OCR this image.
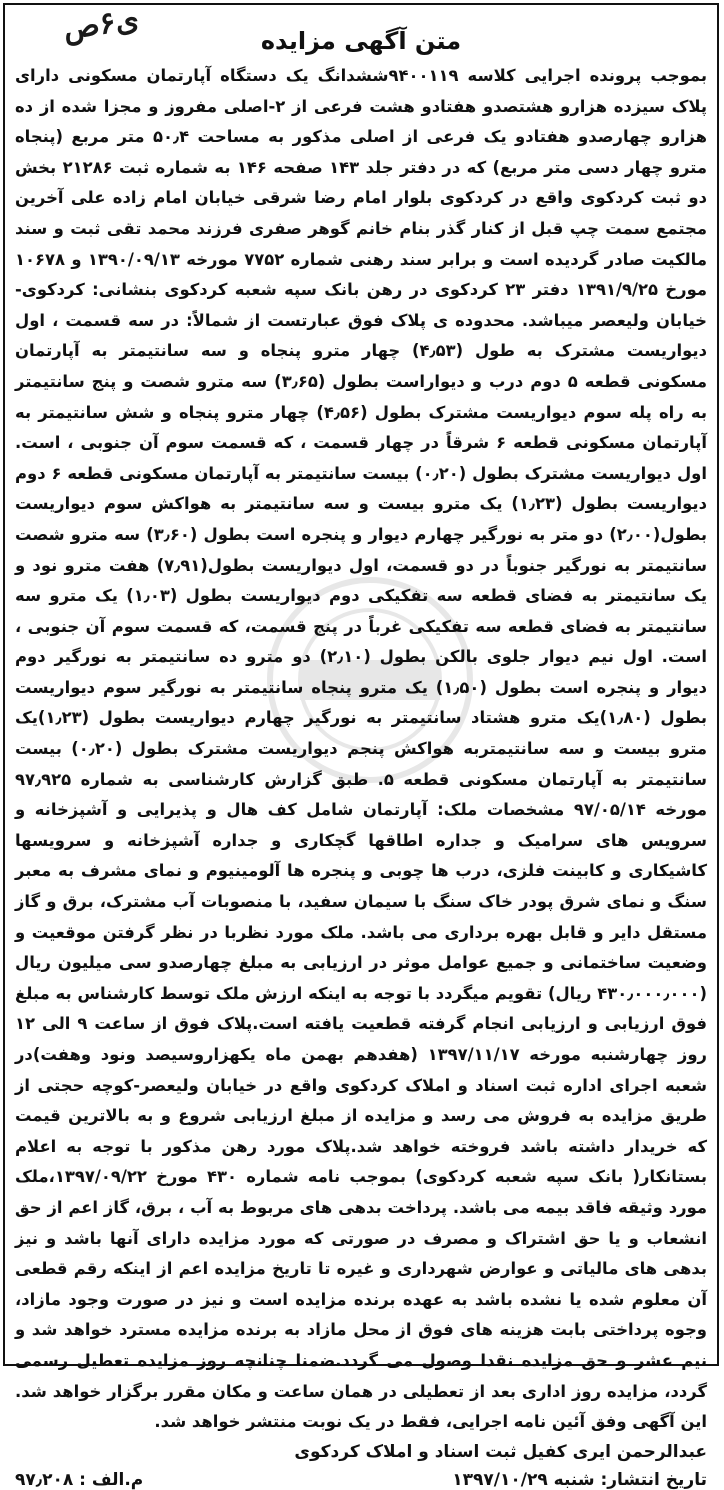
ی۶ص
متن آگهی مزایده
بموجب پرونده اجرایی کلاسه ۹۴۰۰۱۱۹ششدانگ یک دستگاه آپارتمان مسکونی دارای پلاک سیزده هزارو هشتصدو هفتادو هشت فرعی از ۲-اصلی مفروز و مجزا شده از ده هزارو چهارصدو هفتادو یک فرعی از اصلی مذکور به مساحت ۵۰٫۴ متر مربع (پنجاه مترو چهار دسی متر مربع) که در دفتر جلد ۱۴۳ صفحه ۱۴۶ به شماره ثبت ۲۱۲۸۶ بخش دو ثبت کردکوی واقع در کردکوی بلوار امام رضا شرقی خیابان امام زاده علی آخرین مجتمع سمت چپ قبل از کنار گذر بنام خانم گوهر صفری فرزند محمد تقی ثبت و سند مالکیت صادر گردیده است و برابر سند رهنی شماره ۷۷۵۲ مورخه ۱۳۹۰/۰۹/۱۳ و ۱۰۶۷۸ مورخ ۱۳۹۱/۹/۲۵ دفتر ۲۳ کردکوی در رهن بانک سپه شعبه کردکوی بنشانی: کردکوی-خیابان ولیعصر میباشد. محدوده ی پلاک فوق عبارتست از شمالاً: در سه قسمت ، اول دیواریست مشترک به طول (۴٫۵۳) چهار مترو پنجاه و سه سانتیمتر به آپارتمان مسکونی قطعه ۵ دوم درب و دیواراست بطول (۳٫۶۵) سه مترو شصت و پنج سانتیمتر به راه پله سوم دیواریست مشترک بطول (۴٫۵۶) چهار مترو پنجاه و شش سانتیمتر به آپارتمان مسکونی قطعه ۶ شرقاً در چهار قسمت ، که قسمت سوم آن جنوبی ، است. اول دیواریست مشترک بطول (۰٫۲۰) بیست سانتیمتر به آپارتمان مسکونی قطعه ۶ دوم دیواریست بطول (۱٫۲۳) یک مترو بیست و سه سانتیمتر به هواکش سوم دیواریست بطول(۲٫۰۰) دو متر به نورگیر چهارم دیوار و پنجره است بطول (۳٫۶۰) سه مترو شصت سانتیمتر به نورگیر جنوباً در دو قسمت، اول دیواریست بطول(۷٫۹۱) هفت مترو نود و یک سانتیمتر به فضای قطعه سه تفکیکی دوم دیواریست بطول (۱٫۰۳) یک مترو سه سانتیمتر به فضای قطعه سه تفکیکی غرباً در پنج قسمت، که قسمت سوم آن جنوبی ، است. اول نیم دیوار جلوی بالکن بطول (۲٫۱۰) دو مترو ده سانتیمتر به نورگیر دوم دیوار و پنجره است بطول (۱٫۵۰) یک مترو پنجاه سانتیمتر به نورگیر سوم دیواریست بطول (۱٫۸۰)یک مترو هشتاد سانتیمتر به نورگیر چهارم دیواریست بطول (۱٫۲۳)یک مترو بیست و سه سانتیمتربه هواکش پنجم دیواریست مشترک بطول (۰٫۲۰) بیست سانتیمتر به آپارتمان مسکونی قطعه ۵. طبق گزارش کارشناسی به شماره ۹۷٫۹۲۵ مورخه ۹۷/۰۵/۱۴ مشخصات ملک: آپارتمان شامل کف هال و پذیرایی و آشپزخانه و سرویس های سرامیک و جداره اطاقها گچکاری و جداره آشپزخانه و سرویسها کاشیکاری و کابینت فلزی، درب ها چوبی و پنجره ها آلومینیوم و نمای مشرف به معبر سنگ و نمای شرق پودر خاک سنگ با سیمان سفید، با منصوبات آب مشترک، برق و گاز مستقل دایر و قابل بهره برداری می باشد. ملک مورد نظربا در نظر گرفتن موقعیت و وضعیت ساختمانی و جمیع عوامل موثر در ارزیابی به مبلغ چهارصدو سی میلیون ریال (۴۳۰٫۰۰۰٫۰۰۰ ریال) تقویم میگردد با توجه به اینکه ارزش ملک توسط کارشناس به مبلغ فوق ارزیابی و ارزیابی انجام گرفته قطعیت یافته است.پلاک فوق از ساعت ۹ الی ۱۲ روز چهارشنبه مورخه ۱۳۹۷/۱۱/۱۷ (هفدهم بهمن ماه یکهزاروسیصد ونود وهفت)در شعبه اجرای اداره ثبت اسناد و املاک کردکوی واقع در خیابان ولیعصر-کوچه حجتی از طریق مزایده به فروش می رسد و مزایده از مبلغ ارزیابی شروع و به بالاترین قیمت که خریدار داشته باشد فروخته خواهد شد.پلاک مورد رهن مذکور با توجه به اعلام بستانکار( بانک سپه شعبه کردکوی) بموجب نامه شماره ۴۳۰ مورخ ۱۳۹۷/۰۹/۲۲،ملک مورد وثیقه فاقد بیمه می باشد. پرداخت بدهی های مربوط به آب ، برق، گاز اعم از حق انشعاب و یا حق اشتراک و مصرف در صورتی که مورد مزایده دارای آنها باشد و نیز بدهی های مالیاتی و عوارض شهرداری و غیره تا تاریخ مزایده اعم از اینکه رقم قطعی آن معلوم شده یا نشده باشد به عهده برنده مزایده است و نیز در صورت وجود مازاد، وجوه پرداختی بابت هزینه های فوق از محل مازاد به برنده مزایده مسترد خواهد شد و نیم عشر و حق مزایده نقدا وصول می گردد.ضمنا چنانچه روز مزایده تعطیل رسمی گردد، مزایده روز اداری بعد از تعطیلی در همان ساعت و مکان مقرر برگزار خواهد شد. این آگهی وفق آئین نامه اجرایی، فقط در یک نوبت منتشر خواهد شد.
عبدالرحمن ایری کفیل ثبت اسناد و املاک کردکوی
تاریخ انتشار: شنبه ۱۳۹۷/۱۰/۲۹
م.الف : ۹۷٫۲۰۸
